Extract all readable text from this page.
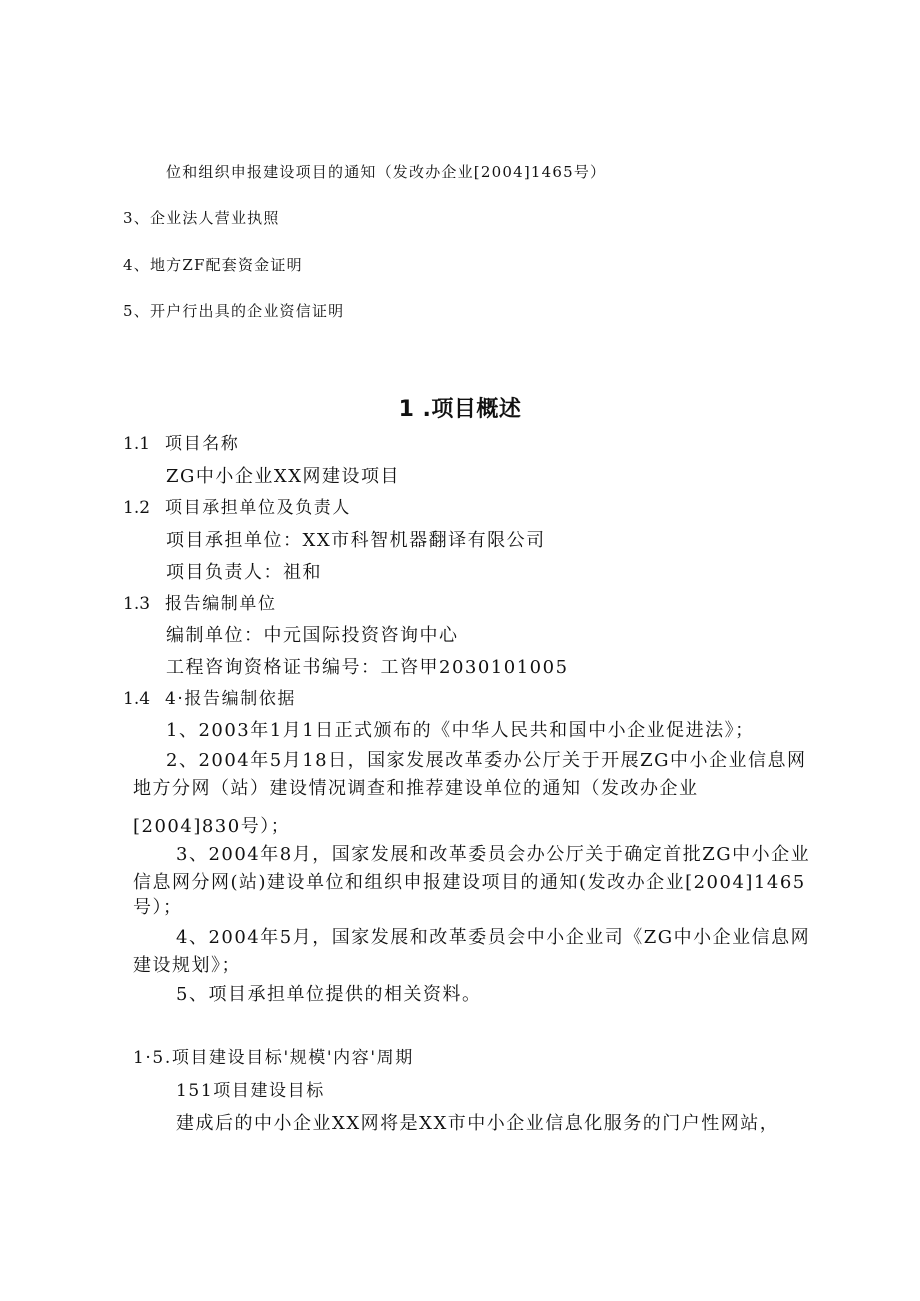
位和组织申报建设项目的通知（发改办企业[2004]1465号）
3、企业法人营业执照
4、地方ZF配套资金证明
5、开户行出具的企业资信证明
1 .项目概述
1.1 项目名称
ZG中小企业XX网建设项目
1.2 项目承担单位及负责人
项目承担单位：XX市科智机器翻译有限公司
项目负责人：祖和
1.3 报告编制单位
编制单位：中元国际投资咨询中心
工程咨询资格证书编号：工咨甲2030101005
1.4 4·报告编制依据
1、2003年1月1日正式颁布的《中华人民共和国中小企业促进法》；
2、2004年5月18日，国家发展改革委办公厅关于开展ZG中小企业信息网
地方分网（站）建设情况调查和推荐建设单位的通知（发改办企业
[2004]830号）；
3、2004年8月，国家发展和改革委员会办公厅关于确定首批ZG中小企业
信息网分网(站)建设单位和组织申报建设项目的通知(发改办企业[2004]1465
号）；
4、2004年5月，国家发展和改革委员会中小企业司《ZG中小企业信息网
建设规划》；
5、项目承担单位提供的相关资料。
1·5.项目建设目标'规模'内容'周期
151项目建设目标
建成后的中小企业XX网将是XX市中小企业信息化服务的门户性网站，
